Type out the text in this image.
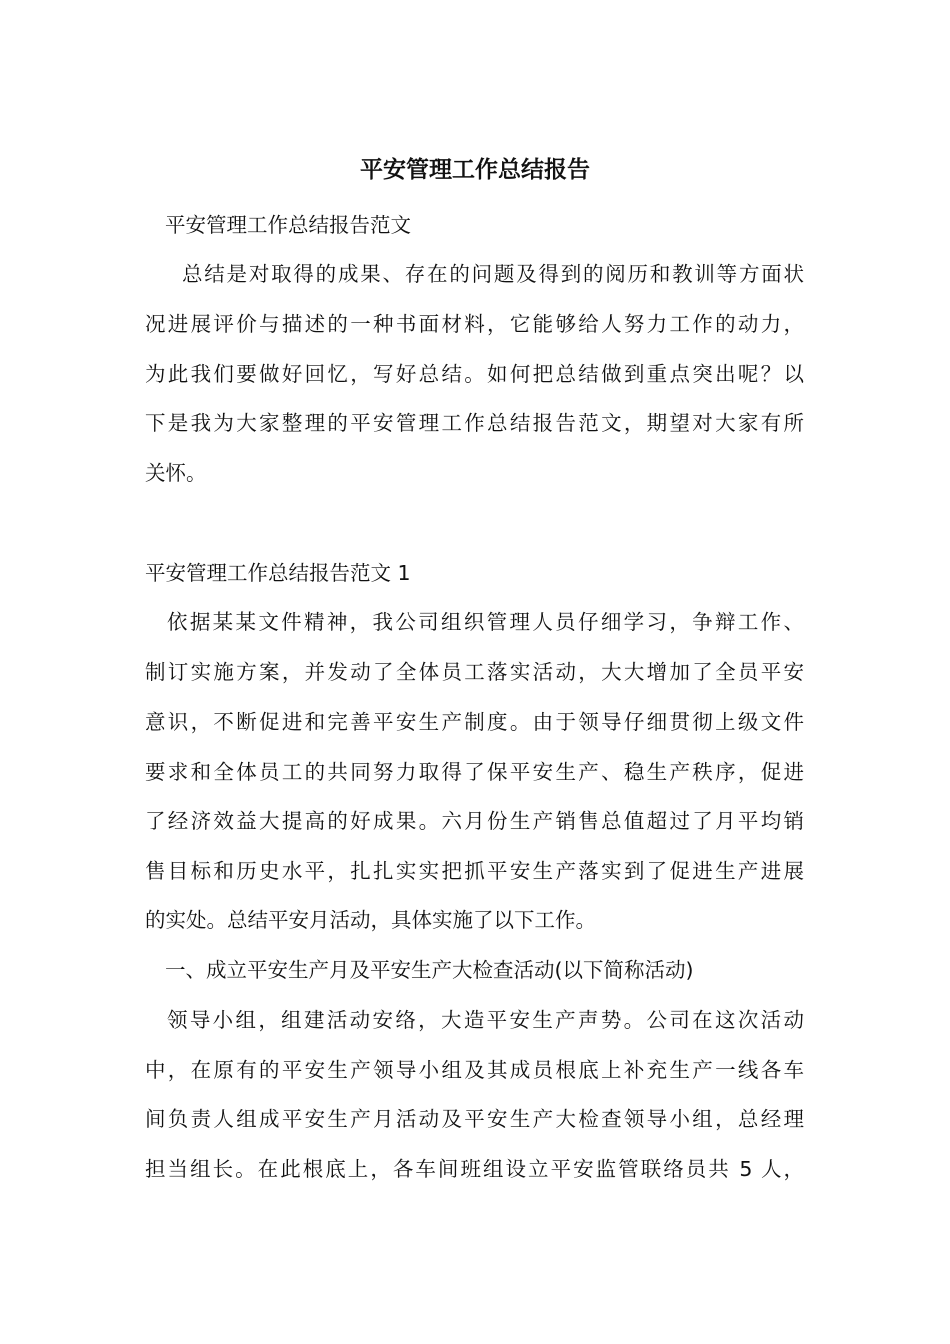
平安管理工作总结报告
平安管理工作总结报告范文
总结是对取得的成果、存在的问题及得到的阅历和教训等方面状
况进展评价与描述的一种书面材料，它能够给人努力工作的动力，
为此我们要做好回忆，写好总结。如何把总结做到重点突出呢？以
下是我为大家整理的平安管理工作总结报告范文，期望对大家有所
关怀。
平安管理工作总结报告范文 1
依据某某文件精神，我公司组织管理人员仔细学习，争辩工作、
制订实施方案，并发动了全体员工落实活动，大大增加了全员平安
意识，不断促进和完善平安生产制度。由于领导仔细贯彻上级文件
要求和全体员工的共同努力取得了保平安生产、稳生产秩序，促进
了经济效益大提高的好成果。六月份生产销售总值超过了月平均销
售目标和历史水平，扎扎实实把抓平安生产落实到了促进生产进展
的实处。总结平安月活动，具体实施了以下工作。
一、成立平安生产月及平安生产大检查活动(以下简称活动)
领导小组，组建活动安络，大造平安生产声势。公司在这次活动
中，在原有的平安生产领导小组及其成员根底上补充生产一线各车
间负责人组成平安生产月活动及平安生产大检查领导小组，总经理
担当组长。在此根底上，各车间班组设立平安监管联络员共 5 人，
